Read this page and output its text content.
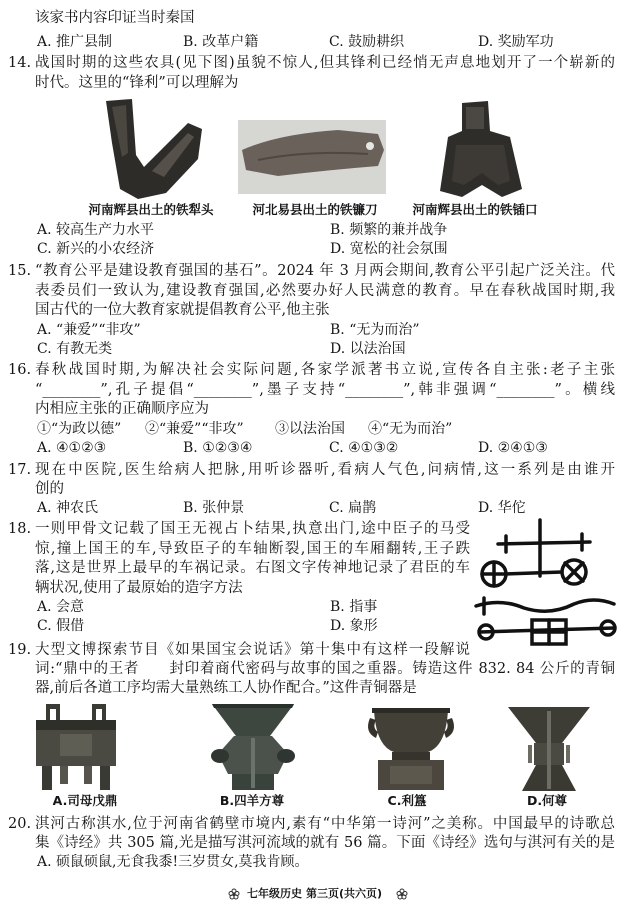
该家书内容印证当时秦国
A. 推广县制	B. 改革户籍	C. 鼓励耕织	D. 奖励军功
14. 战国时期的这些农具(见下图)虽貌不惊人,但其锋利已经悄无声息地划开了一个崭新的
时代。这里的“锋利”可以理解为
河南辉县出土的铁犁头	河北易县出土的铁镰刀	河南辉县出土的铁锸口
A. 较高生产力水平	B. 频繁的兼并战争
C. 新兴的小农经济	D. 宽松的社会氛围
15. “教育公平是建设教育强国的基石”。2024 年 3 月两会期间,教育公平引起广泛关注。代
表委员们一致认为,建设教育强国,必然要办好人民满意的教育。早在春秋战国时期,我
国古代的一位大教育家就提倡教育公平,他主张
A. “兼爱”“非攻”	B. “无为而治”
C. 有教无类	D. 以法治国
16. 春秋战国时期,为解决社会实际问题,各家学派著书立说,宣传各自主张:老子主张
“________”,孔子提倡“________”,墨子支持“________”,韩非强调“________”。横线
内相应主张的正确顺序应为
①“为政以德” ②“兼爱”“非攻” ③以法治国 ④“无为而治”
A. ④①②③	B. ①②③④	C. ④①③②	D. ②④①③
17. 现在中医院,医生给病人把脉,用听诊器听,看病人气色,问病情,这一系列是由谁开
创的
A. 神农氏	B. 张仲景	C. 扁鹊	D. 华佗
18. 一则甲骨文记载了国王无视占卜结果,执意出门,途中臣子的马受
惊,撞上国王的车,导致臣子的车轴断裂,国王的车厢翻转,王子跌
落,这是世界上最早的车祸记录。右图文字传神地记录了君臣的车
辆状况,使用了最原始的造字方法
A. 会意	B. 指事
C. 假借	D. 象形
19. 大型文博探索节目《如果国宝会说话》第十集中有这样一段解说
词:“鼎中的王者　　封印着商代密码与故事的国之重器。铸造这件 832. 84 公斤的青铜
器,前后各道工序均需大量熟练工人协作配合。”这件青铜器是
A.司母戊鼎	B.四羊方尊	C.利簋	D.何尊
20. 淇河古称淇水,位于河南省鹤壁市境内,素有“中华第一诗河”之美称。中国最早的诗歌总
集《诗经》共 305 篇,光是描写淇河流域的就有 56 篇。下面《诗经》选句与淇河有关的是
A. 硕鼠硕鼠,无食我黍!三岁贯女,莫我肯顾。
七年级历史 第三页(共六页)
